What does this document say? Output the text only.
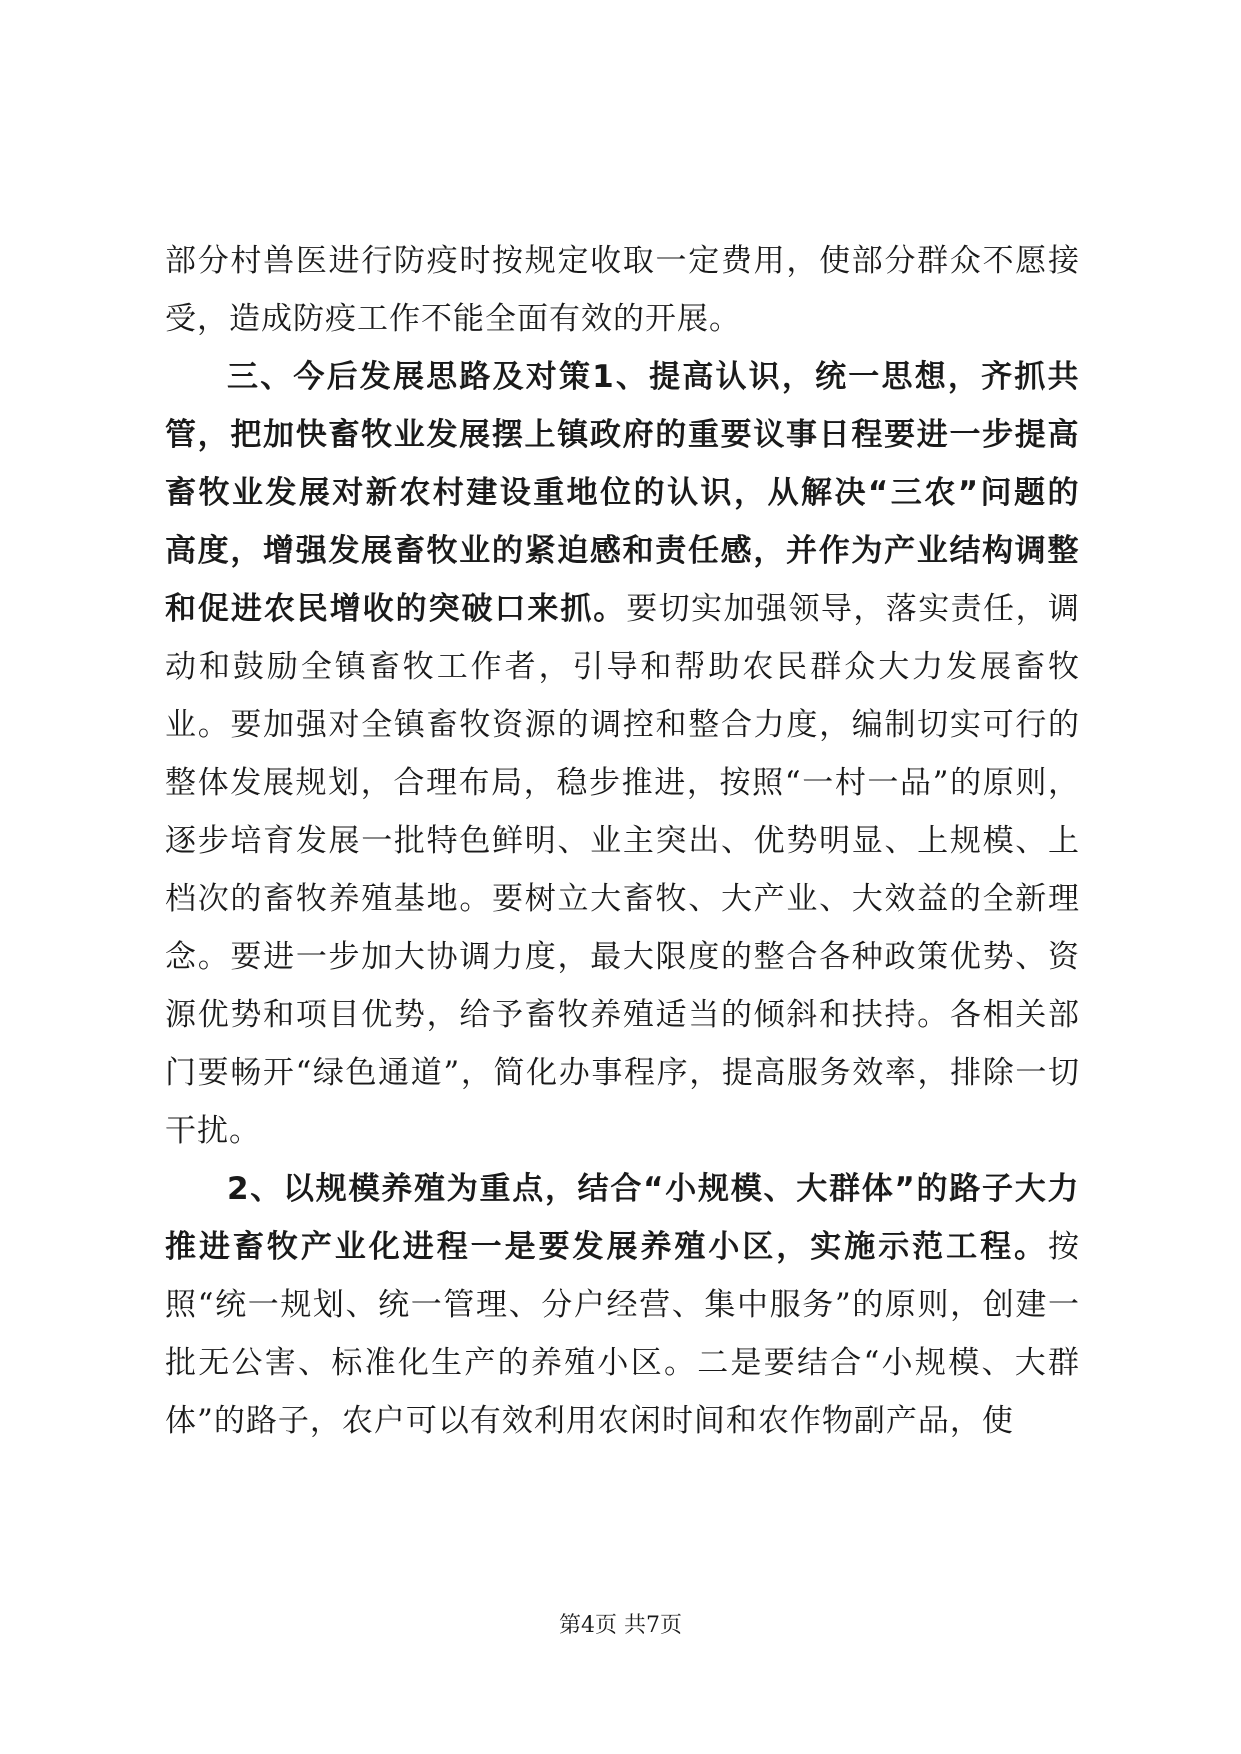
部分村兽医进行防疫时按规定收取一定费用，使部分群众不愿接受，造成防疫工作不能全面有效的开展。

三、今后发展思路及对策1、提高认识，统一思想，齐抓共管，把加快畜牧业发展摆上镇政府的重要议事日程要进一步提高畜牧业发展对新农村建设重地位的认识，从解决“三农”问题的高度，增强发展畜牧业的紧迫感和责任感，并作为产业结构调整和促进农民增收的突破口来抓。要切实加强领导，落实责任，调动和鼓励全镇畜牧工作者，引导和帮助农民群众大力发展畜牧业。要加强对全镇畜牧资源的调控和整合力度，编制切实可行的整体发展规划，合理布局，稳步推进，按照“一村一品”的原则，逐步培育发展一批特色鲜明、业主突出、优势明显、上规模、上档次的畜牧养殖基地。要树立大畜牧、大产业、大效益的全新理念。要进一步加大协调力度，最大限度的整合各种政策优势、资源优势和项目优势，给予畜牧养殖适当的倾斜和扶持。各相关部门要畅开“绿色通道”，简化办事程序，提高服务效率，排除一切干扰。

2、以规模养殖为重点，结合“小规模、大群体”的路子大力推进畜牧产业化进程一是要发展养殖小区，实施示范工程。按照“统一规划、统一管理、分户经营、集中服务”的原则，创建一批无公害、标准化生产的养殖小区。二是要结合“小规模、大群体”的路子，农户可以有效利用农闲时间和农作物副产品，使

第4页 共7页
